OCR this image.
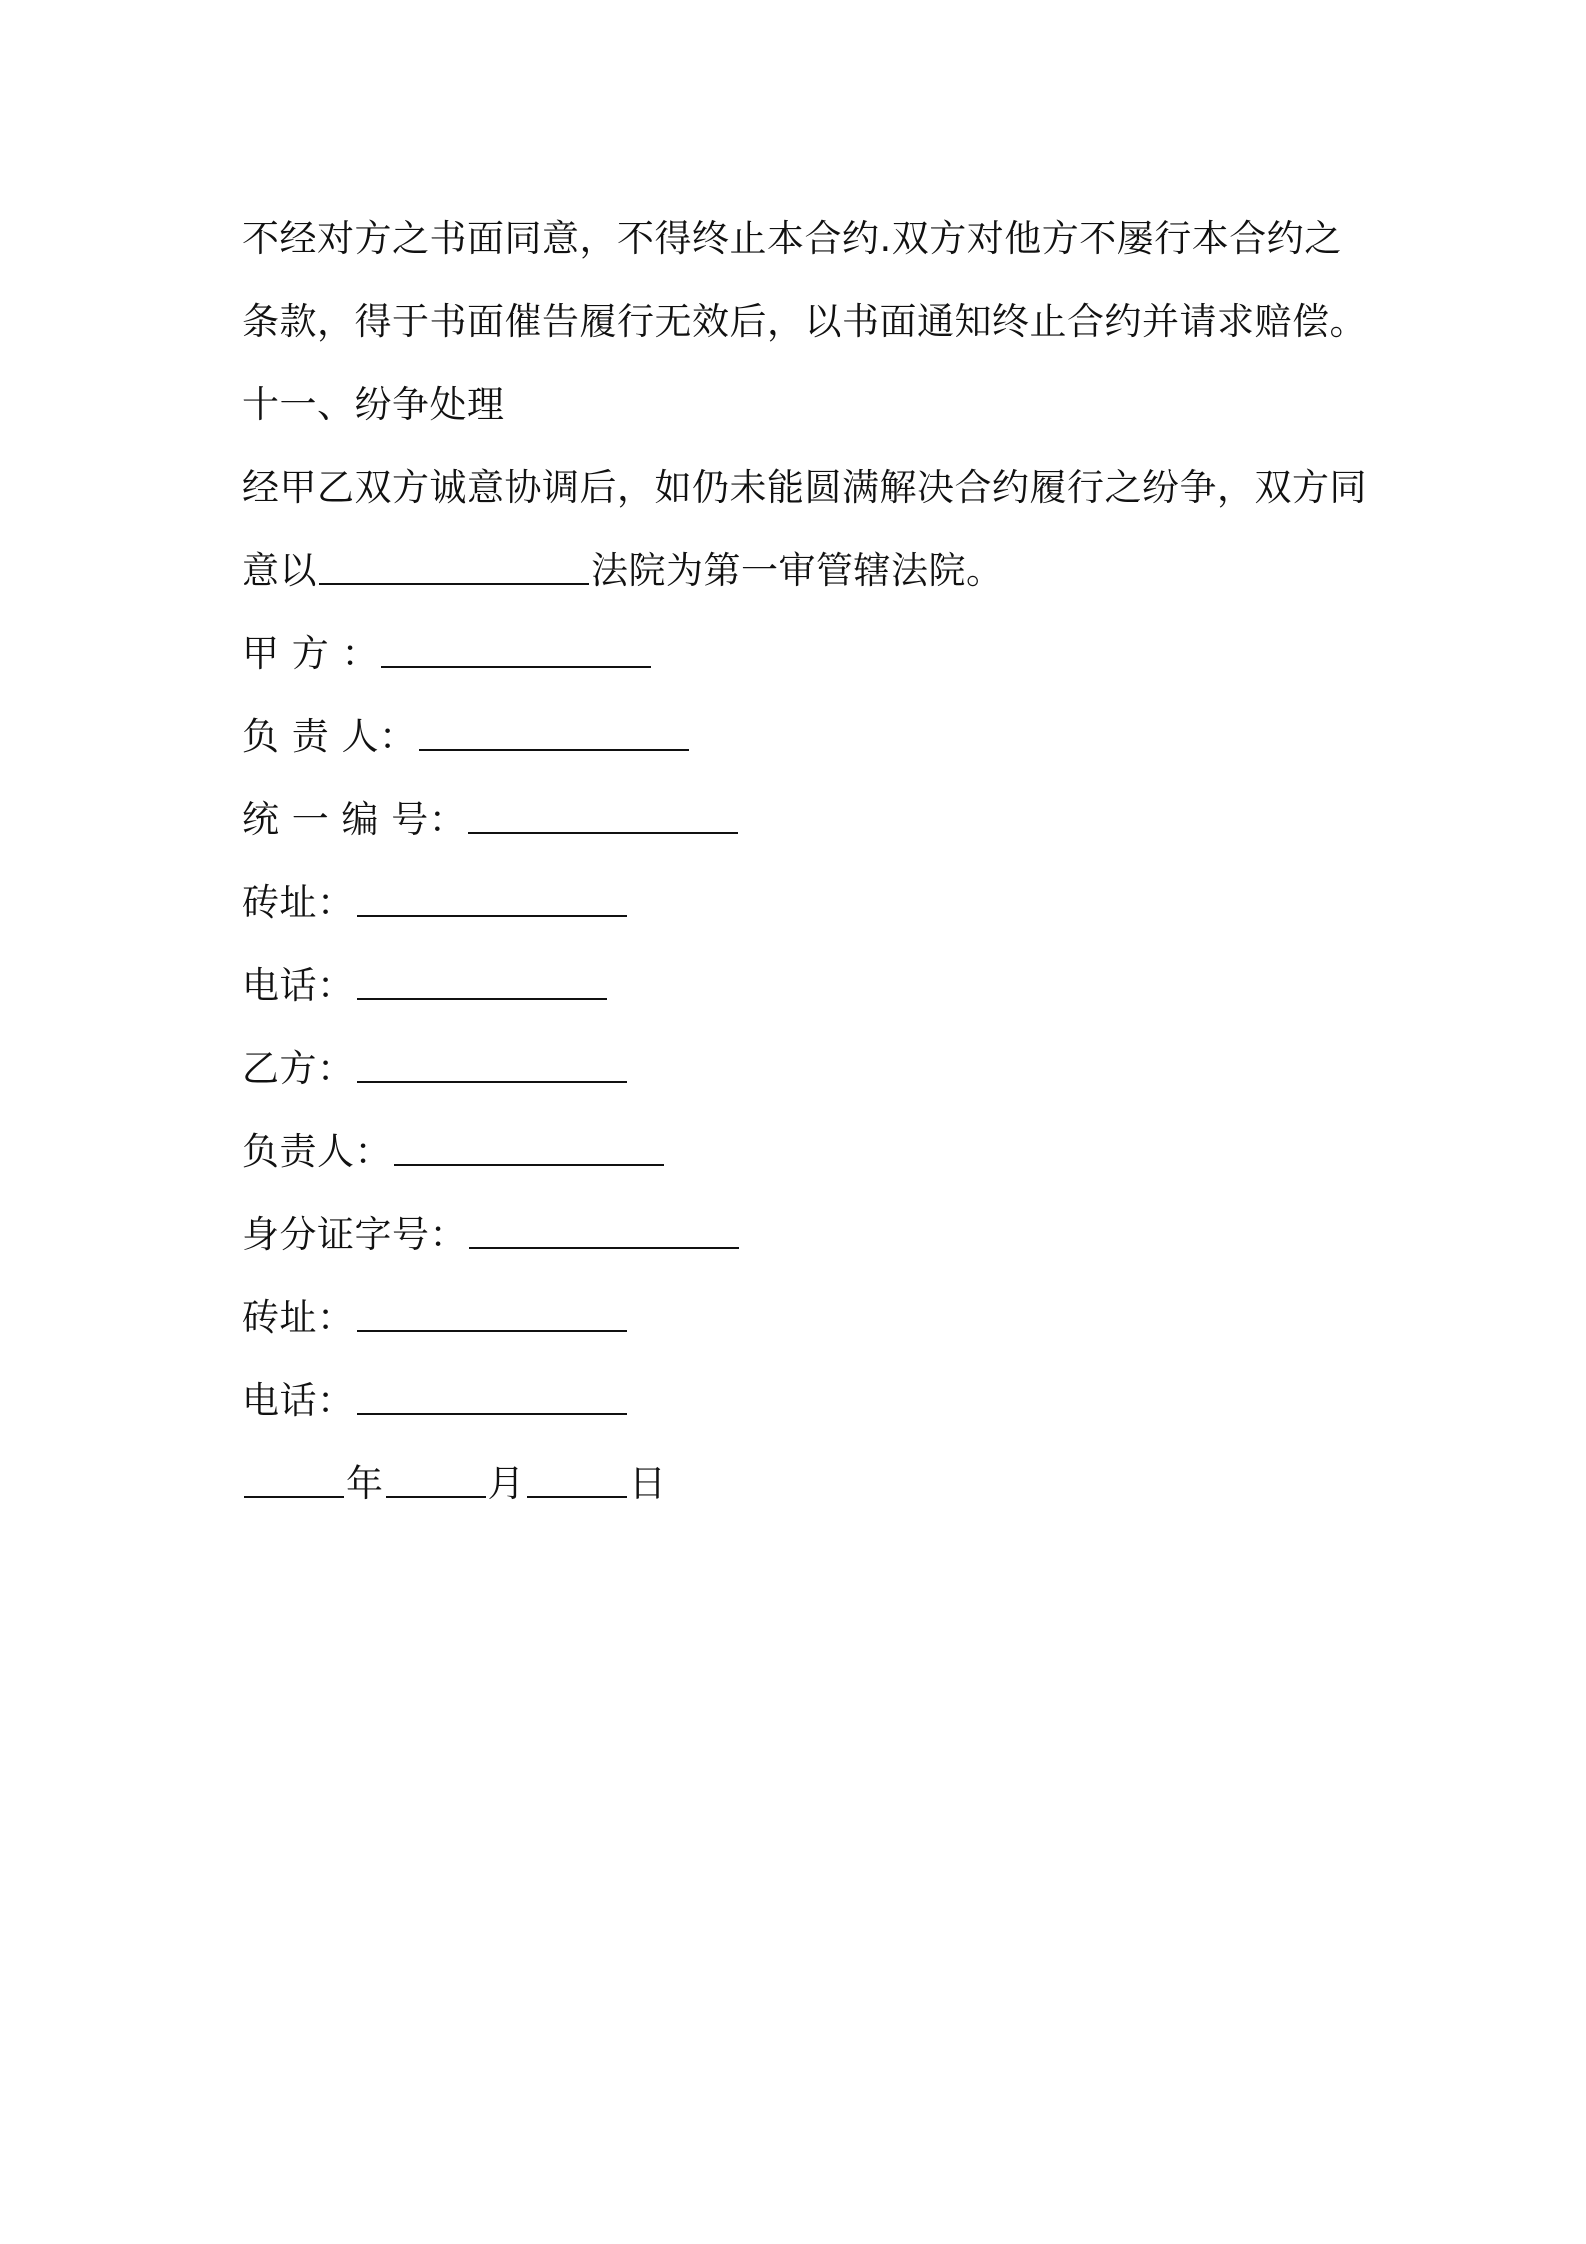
不经对方之书面同意，不得终止本合约.双方对他方不屡行本合约之
条款，得于书面催告履行无效后，以书面通知终止合约并请求赔偿。
十一、纷争处理
经甲乙双方诚意协调后，如仍未能圆满解决合约履行之纷争，双方同
意以	法院为第一审管辖法院。
甲 方 ：
负 责 人：
统 一 编 号：
砖址：
电话：
乙方：
负责人：
身分证字号：
砖址：
电话：
年	月	日
